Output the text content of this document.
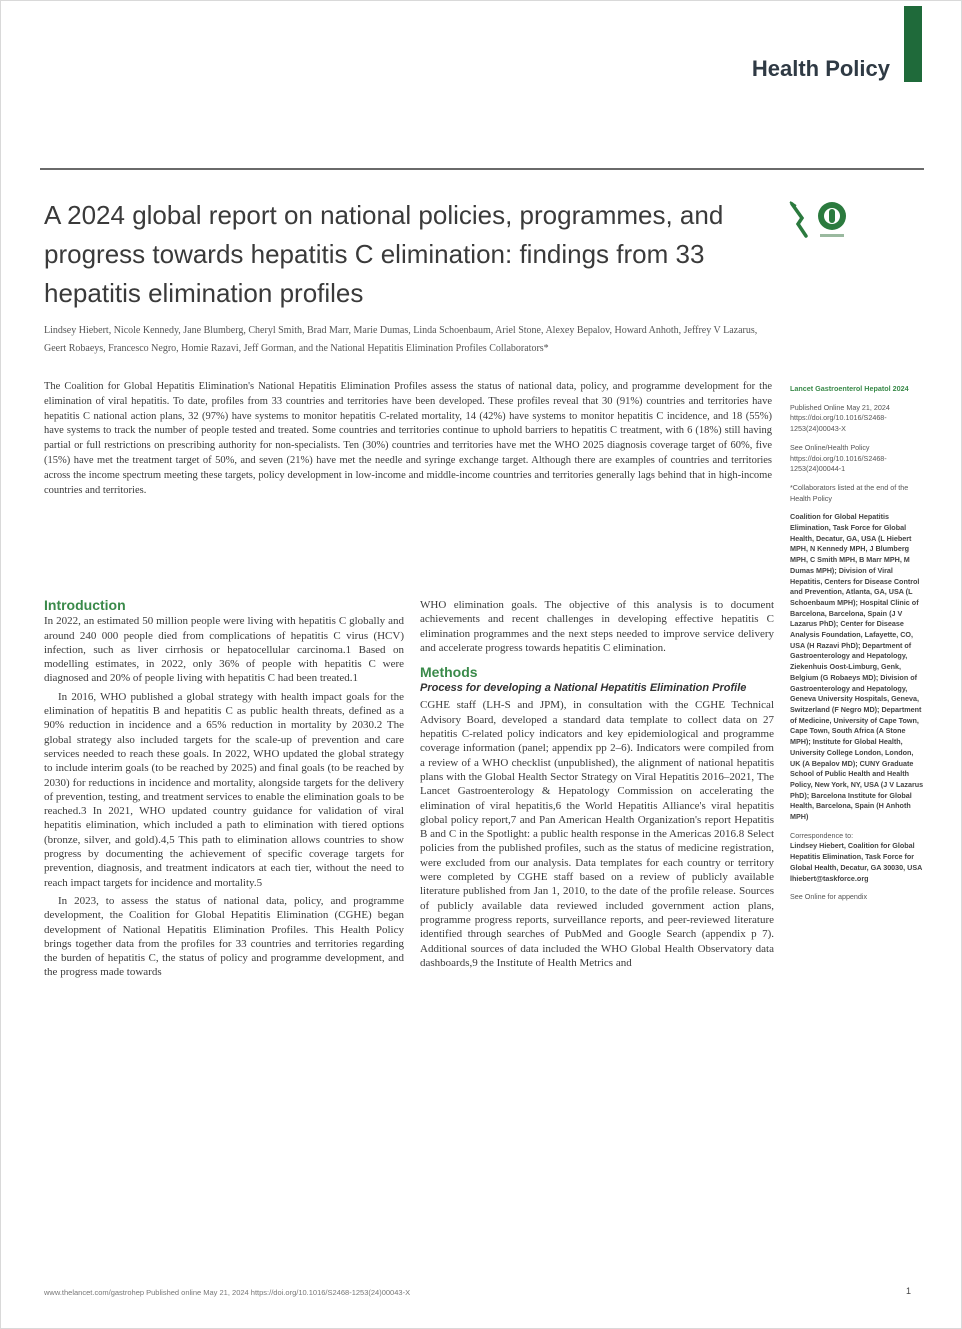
Health Policy
A 2024 global report on national policies, programmes, and progress towards hepatitis C elimination: findings from 33 hepatitis elimination profiles

Lindsey Hiebert, Nicole Kennedy, Jane Blumberg, Cheryl Smith, Brad Marr, Marie Dumas, Linda Schoenbaum, Ariel Stone, Alexey Bepalov, Howard Anhoth, Jeffrey V Lazarus, Geert Robaeys, Francesco Negro, Homie Razavi, Jeff Gorman, and the National Hepatitis Elimination Profiles Collaborators*

The Coalition for Global Hepatitis Elimination's National Hepatitis Elimination Profiles assess the status of national data, policy, and programme development for the elimination of viral hepatitis. To date, profiles from 33 countries and territories have been developed. These profiles reveal that 30 (91%) countries and territories have hepatitis C national action plans, 32 (97%) have systems to monitor hepatitis C-related mortality, 14 (42%) have systems to monitor hepatitis C incidence, and 18 (55%) have systems to track the number of people tested and treated. Some countries and territories continue to uphold barriers to hepatitis C treatment, with 6 (18%) still having partial or full restrictions on prescribing authority for non-specialists. Ten (30%) countries and territories have met the WHO 2025 diagnosis coverage target of 60%, five (15%) have met the treatment target of 50%, and seven (21%) have met the needle and syringe exchange target. Although there are examples of countries and territories across the income spectrum meeting these targets, policy development in low-income and middle-income countries and territories generally lags behind that in high-income countries and territories.

Introduction

In 2022, an estimated 50 million people were living with hepatitis C globally and around 240 000 people died from complications of hepatitis C virus (HCV) infection, such as liver cirrhosis or hepatocellular carcinoma.1 Based on modelling estimates, in 2022, only 36% of people with hepatitis C were diagnosed and 20% of people living with hepatitis C had been treated.1

In 2016, WHO published a global strategy with health impact goals for the elimination of hepatitis B and hepatitis C as public health threats, defined as a 90% reduction in incidence and a 65% reduction in mortality by 2030.2 The global strategy also included targets for the scale-up of prevention and care services needed to reach these goals. In 2022, WHO updated the global strategy to include interim goals (to be reached by 2025) and final goals (to be reached by 2030) for reductions in incidence and mortality, alongside targets for the delivery of prevention, testing, and treatment services to enable the elimination goals to be reached.3 In 2021, WHO updated country guidance for validation of viral hepatitis elimination, which included a path to elimination with tiered options (bronze, silver, and gold).4,5 This path to elimination allows countries to show progress by documenting the achievement of specific coverage targets for prevention, diagnosis, and treatment indicators at each tier, without the need to reach impact targets for incidence and mortality.5

In 2023, to assess the status of national data, policy, and programme development, the Coalition for Global Hepatitis Elimination (CGHE) began development of National Hepatitis Elimination Profiles. This Health Policy brings together data from the profiles for 33 countries and territories regarding the burden of hepatitis C, the status of policy and programme development, and the progress made towards

WHO elimination goals. The objective of this analysis is to document achievements and recent challenges in developing effective hepatitis C elimination programmes and the next steps needed to improve service delivery and accelerate progress towards hepatitis C elimination.

Methods
Process for developing a National Hepatitis Elimination Profile

CGHE staff (LH-S and JPM), in consultation with the CGHE Technical Advisory Board, developed a standard data template to collect data on 27 hepatitis C-related policy indicators and key epidemiological and programme coverage information (panel; appendix pp 2–6). Indicators were compiled from a review of a WHO checklist (unpublished), the alignment of national hepatitis plans with the Global Health Sector Strategy on Viral Hepatitis 2016–2021, The Lancet Gastroenterology & Hepatology Commission on accelerating the elimination of viral hepatitis,6 the World Hepatitis Alliance's viral hepatitis global policy report,7 and Pan American Health Organization's report Hepatitis B and C in the Spotlight: a public health response in the Americas 2016.8 Select policies from the published profiles, such as the status of medicine registration, were excluded from our analysis. Data templates for each country or territory were completed by CGHE staff based on a review of publicly available literature published from Jan 1, 2010, to the date of the profile release. Sources of publicly available data reviewed included government action plans, programme progress reports, surveillance reports, and peer-reviewed literature identified through searches of PubMed and Google Search (appendix p 7). Additional sources of data included the WHO Global Health Observatory data dashboards,9 the Institute of Health Metrics and

Lancet Gastroenterol Hepatol 2024
Published Online May 21, 2024 https://doi.org/10.1016/S2468-1253(24)00043-X
See Online/Health Policy https://doi.org/10.1016/S2468-1253(24)00044-1
*Collaborators listed at the end of the Health Policy
Coalition for Global Hepatitis Elimination, Task Force for Global Health, Decatur, GA, USA (L Hiebert MPH, N Kennedy MPH, J Blumberg MPH, C Smith MPH, B Marr MPH, M Dumas MPH); Division of Viral Hepatitis, Centers for Disease Control and Prevention, Atlanta, GA, USA (L Schoenbaum MPH); Hospital Clinic of Barcelona, Barcelona, Spain (J V Lazarus PhD); Center for Disease Analysis Foundation, Lafayette, CO, USA (H Razavi PhD); Department of Gastroenterology and Hepatology, Ziekenhuis Oost-Limburg, Genk, Belgium (G Robaeys MD); Division of Gastroenterology and Hepatology, Geneva University Hospitals, Geneva, Switzerland (F Negro MD); Department of Medicine, University of Cape Town, Cape Town, South Africa (A Stone MPH); Institute for Global Health, University College London, London, UK (A Bepalov MD); CUNY Graduate School of Public Health and Health Policy, New York, NY, USA (J V Lazarus PhD); Barcelona Institute for Global Health, Barcelona, Spain (H Anhoth MPH)
Correspondence to:
Lindsey Hiebert, Coalition for Global Hepatitis Elimination, Task Force for Global Health, Decatur, GA 30030, USA lhiebert@taskforce.org
See Online for appendix
www.thelancet.com/gastrohep Published online May 21, 2024 https://doi.org/10.1016/S2468-1253(24)00043-X	1
